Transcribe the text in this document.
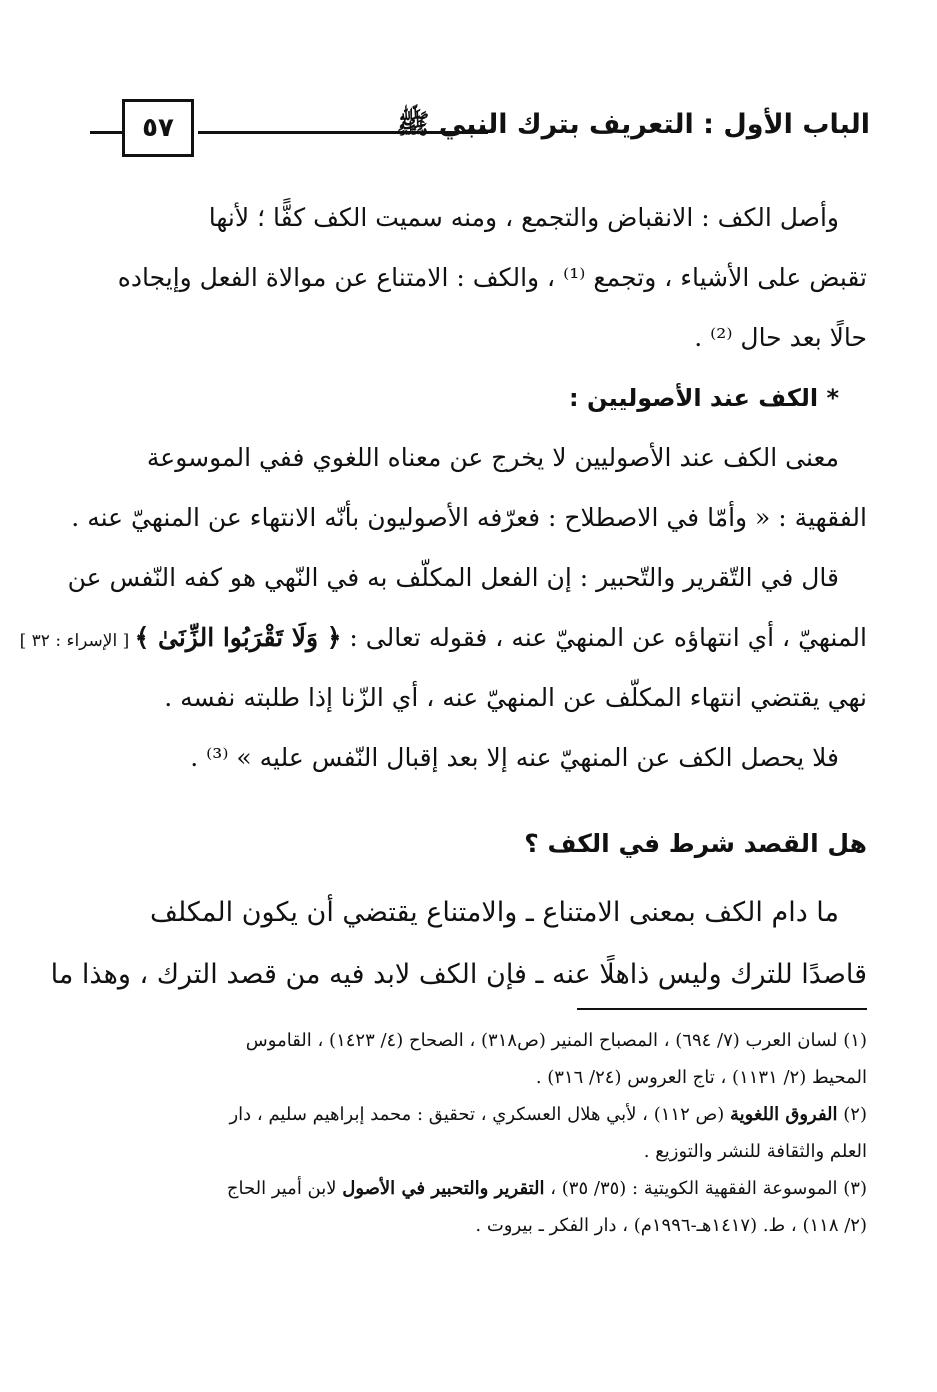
٥٧	الباب الأول : التعريف بترك النبي ﷺ
وأصل الكف : الانقباض والتجمع ، ومنه سميت الكف كفًّا ؛ لأنها
تقبض على الأشياء ، وتجمع ⁽¹⁾ ، والكف : الامتناع عن موالاة الفعل وإيجاده
حالًا بعد حال ⁽²⁾ .
* الكف عند الأصوليين :
معنى الكف عند الأصوليين لا يخرج عن معناه اللغوي ففي الموسوعة
الفقهية : « وأمّا في الاصطلاح : فعرّفه الأصوليون بأنّه الانتهاء عن المنهيّ عنه .
قال في التّقرير والتّحبير : إن الفعل المكلّف به في النّهي هو كفه النّفس عن
المنهيّ ، أي انتهاؤه عن المنهيّ عنه ، فقوله تعالى : ﴿ وَلَا تَقْرَبُوا الزِّنَىٰ ﴾ [ الإسراء : ٣٢ ]
نهي يقتضي انتهاء المكلّف عن المنهيّ عنه ، أي الزّنا إذا طلبته نفسه .
فلا يحصل الكف عن المنهيّ عنه إلا بعد إقبال النّفس عليه » ⁽³⁾ .
هل القصد شرط في الكف ؟
ما دام الكف بمعنى الامتناع ـ والامتناع يقتضي أن يكون المكلف
قاصدًا للترك وليس ذاهلًا عنه ـ فإن الكف لابد فيه من قصد الترك ، وهذا ما
(١) لسان العرب (٧/ ٦٩٤) ، المصباح المنير (ص٣١٨) ، الصحاح (٤/ ١٤٢٣) ، القاموس
المحيط (٢/ ١١٣١) ، تاج العروس (٢٤/ ٣١٦) .
(٢) الفروق اللغوية (ص ١١٢) ، لأبي هلال العسكري ، تحقيق : محمد إبراهيم سليم ، دار
العلم والثقافة للنشر والتوزيع .
(٣) الموسوعة الفقهية الكويتية : (٣٥/ ٣٥) ، التقرير والتحبير في الأصول لابن أمير الحاج
(٢/ ١١٨) ، ط. (١٤١٧هـ-١٩٩٦م) ، دار الفكر ـ بيروت .
